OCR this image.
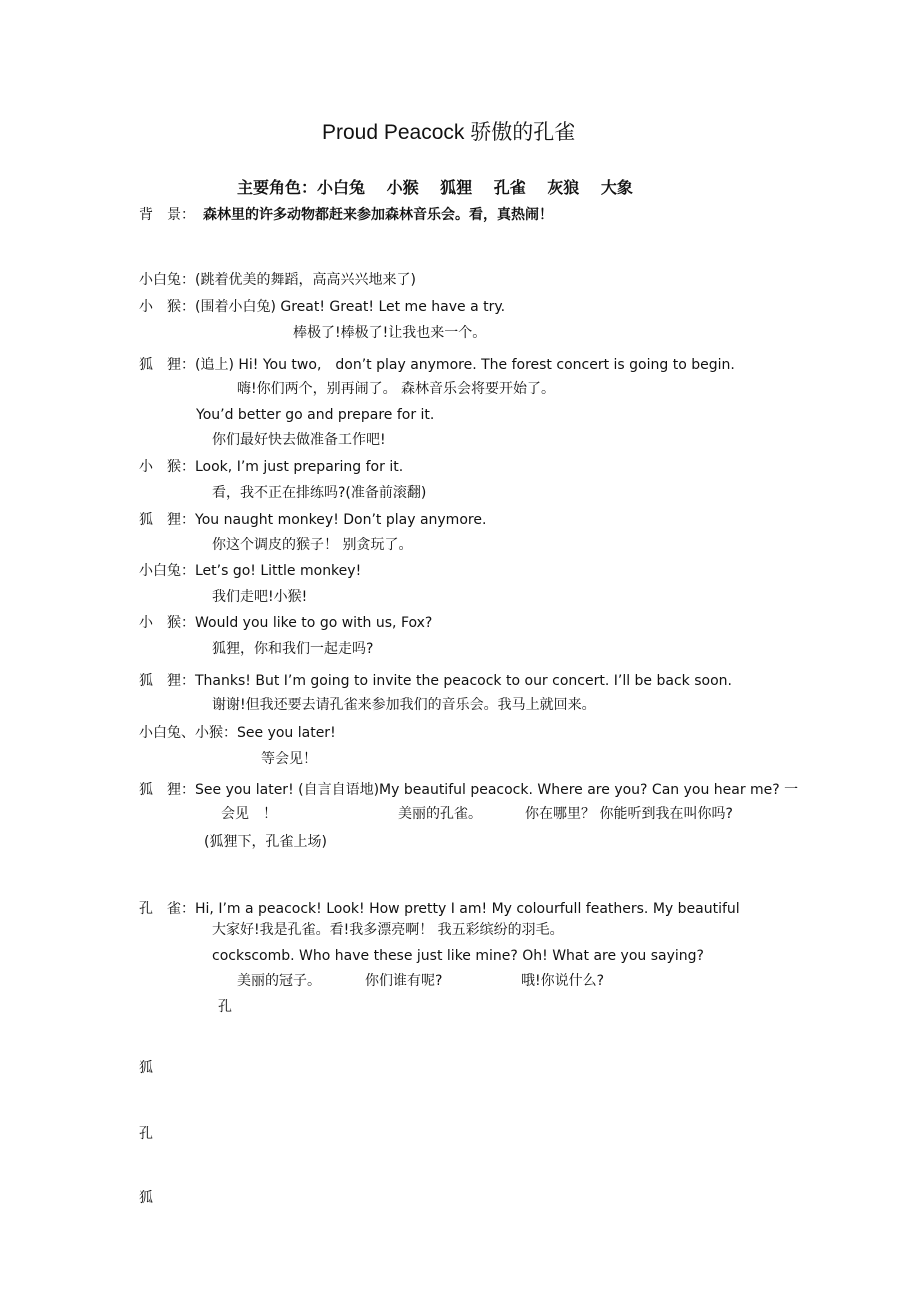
Proud Peacock 骄傲的孔雀
主要角色：小白兔　 小猴　 狐狸　 孔雀　 灰狼　 大象
背　景： 森林里的许多动物都赶来参加森林音乐会。看，真热闹！
小白兔：(跳着优美的舞蹈，高高兴兴地来了)
小　猴：(围着小白兔) Great! Great! Let me have a try.
棒极了!棒极了!让我也来一个。
狐　狸：(追上) Hi! You two,　don’t play anymore. The forest concert is going to begin.
嗨!你们两个，别再闹了。 森林音乐会将要开始了。
You’d better go and prepare for it.
你们最好快去做准备工作吧!
小　猴：Look, I’m just preparing for it.
看，我不正在排练吗?(准备前滚翻)
狐　狸：You naught monkey! Don’t play anymore.
你这个调皮的猴子！ 别贪玩了。
小白兔：Let’s go! Little monkey!
我们走吧!小猴!
小　猴：Would you like to go with us, Fox?
狐狸，你和我们一起走吗?
狐　狸：Thanks! But I’m going to invite the peacock to our concert. I’ll be back soon.
谢谢!但我还要去请孔雀来参加我们的音乐会。我马上就回来。
小白兔、小猴：See you later!
等会见！
狐　狸：See you later! (自言自语地)My beautiful peacock. Where are you? Can you hear me? 一
会见　！	美丽的孔雀。	你在哪里？ 你能听到我在叫你吗?
(狐狸下，孔雀上场)
孔　雀：Hi, I’m a peacock! Look! How pretty I am! My colourfull feathers. My beautiful
大家好!我是孔雀。看!我多漂亮啊！ 我五彩缤纷的羽毛。
cockscomb. Who have these just like mine? Oh! What are you saying?
美丽的冠子。	你们谁有呢?	哦!你说什么?
孔
狐
孔
狐
